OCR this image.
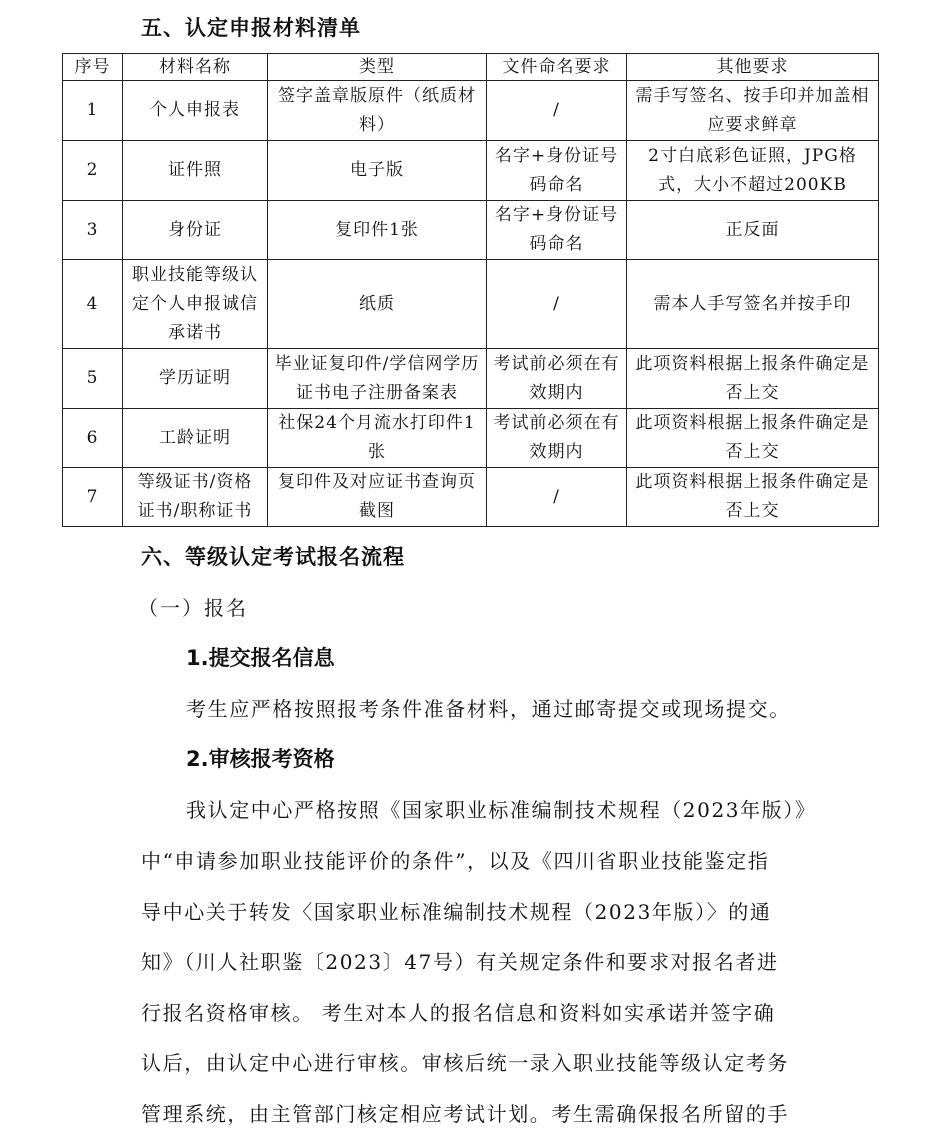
五、认定申报材料清单
序号	材料名称	类型	文件命名要求	其他要求
1	个人申报表	签字盖章版原件（纸质材料）	/	需手写签名、按手印并加盖相应要求鲜章
2	证件照	电子版	名字+身份证号码命名	2寸白底彩色证照，JPG格式，大小不超过200KB
3	身份证	复印件1张	名字+身份证号码命名	正反面
4	职业技能等级认定个人申报诚信承诺书	纸质	/	需本人手写签名并按手印
5	学历证明	毕业证复印件/学信网学历证书电子注册备案表	考试前必须在有效期内	此项资料根据上报条件确定是否上交
6	工龄证明	社保24个月流水打印件1张	考试前必须在有效期内	此项资料根据上报条件确定是否上交
7	等级证书/资格证书/职称证书	复印件及对应证书查询页截图	/	此项资料根据上报条件确定是否上交
六、等级认定考试报名流程
（一）报名
1.提交报名信息
考生应严格按照报考条件准备材料，通过邮寄提交或现场提交。
2.审核报考资格
我认定中心严格按照《国家职业标准编制技术规程（2023年版）》
中“申请参加职业技能评价的条件”，以及《四川省职业技能鉴定指
导中心关于转发〈国家职业标准编制技术规程（2023年版）〉的通
知》（川人社职鉴〔2023〕47号）有关规定条件和要求对报名者进
行报名资格审核。 考生对本人的报名信息和资料如实承诺并签字确
认后，由认定中心进行审核。审核后统一录入职业技能等级认定考务
管理系统，由主管部门核定相应考试计划。考生需确保报名所留的手
